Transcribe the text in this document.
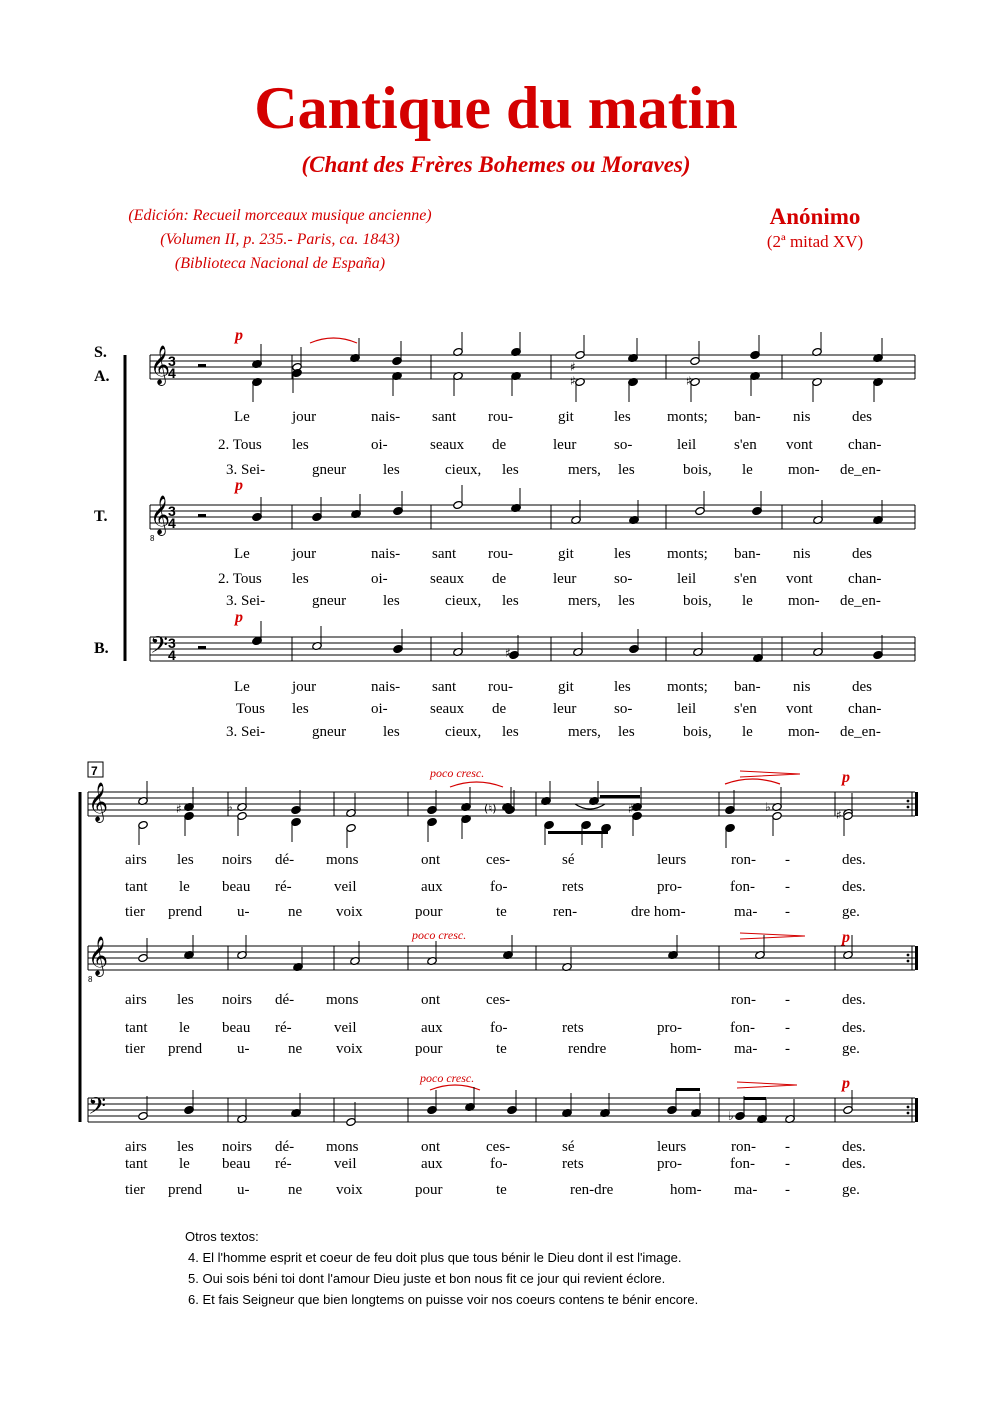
Cantique du matin
(Chant des Frères Bohemes ou Moraves)
(Edición: Recueil morceaux musique ancienne)
(Volumen II, p. 235.- Paris, ca. 1843)
(Biblioteca Nacional de España)
Anónimo
(2ª mitad XV)
S.
A.
T.
B.
𝄞
3
4
p
𝄞
3
4
p
𝄢 3
4
p
8
♯	♯
♯
♯
7
𝄞
𝄞
𝄢
poco cresc.
poco cresc.
poco cresc.
p
p
p
♯	♭	♯	♭
♯
(♮)
8
♭
Le	jour	nais- sant rou-	git	les monts; ban- nis	des
2. Tous les	oi-	seaux de	leur	so-	leil	s'en vont chan-
3. Sei-	gneur les	cieux, les	mers, les	bois, le mon- de_en-
Le	jour	nais- sant rou-	git	les monts; ban- nis	des
2. Tous les	oi-	seaux de	leur	so-	leil	s'en vont chan-
3. Sei-	gneur les	cieux, les	mers, les	bois, le mon- de_en-
Le	jour	nais- sant rou-	git	les monts; ban- nis	des
Tous les	oi-	seaux de	leur	so-	leil	s'en vont chan-
3. Sei-	gneur les	cieux, les	mers, les	bois, le mon- de_en-
airs les noirs dé- mons	ont	ces-	sé	leurs	ron- -	des.
tant le beau ré-	veil	aux	fo-	rets	pro-	fon- -	des.
tier prend u-	ne voix	pour	te	ren-	dre hom-	ma- -	ge.
airs les noirs dé- mons	ont	ces-	ron- -	des.
tant le beau ré-	veil	aux	fo-	rets	pro-	fon- -	des.
tier prend u-	ne voix	pour	te	rendre	hom- ma- -	ge.
airs les noirs dé- mons	ont	ces-	sé	leurs	ron- -	des.
tant le beau ré-	veil	aux	fo-	rets	pro-	fon- -	des.
tier prend u-	ne voix	pour	te	ren-dre	hom- ma- -	ge.
Otros textos:
4. El l'homme esprit et coeur de feu doit plus que tous bénir le Dieu dont il est l'image.
5. Oui sois béni toi dont l'amour Dieu juste et bon nous fit ce jour qui revient éclore.
6. Et fais Seigneur que bien longtems on puisse voir nos coeurs contens te bénir encore.
